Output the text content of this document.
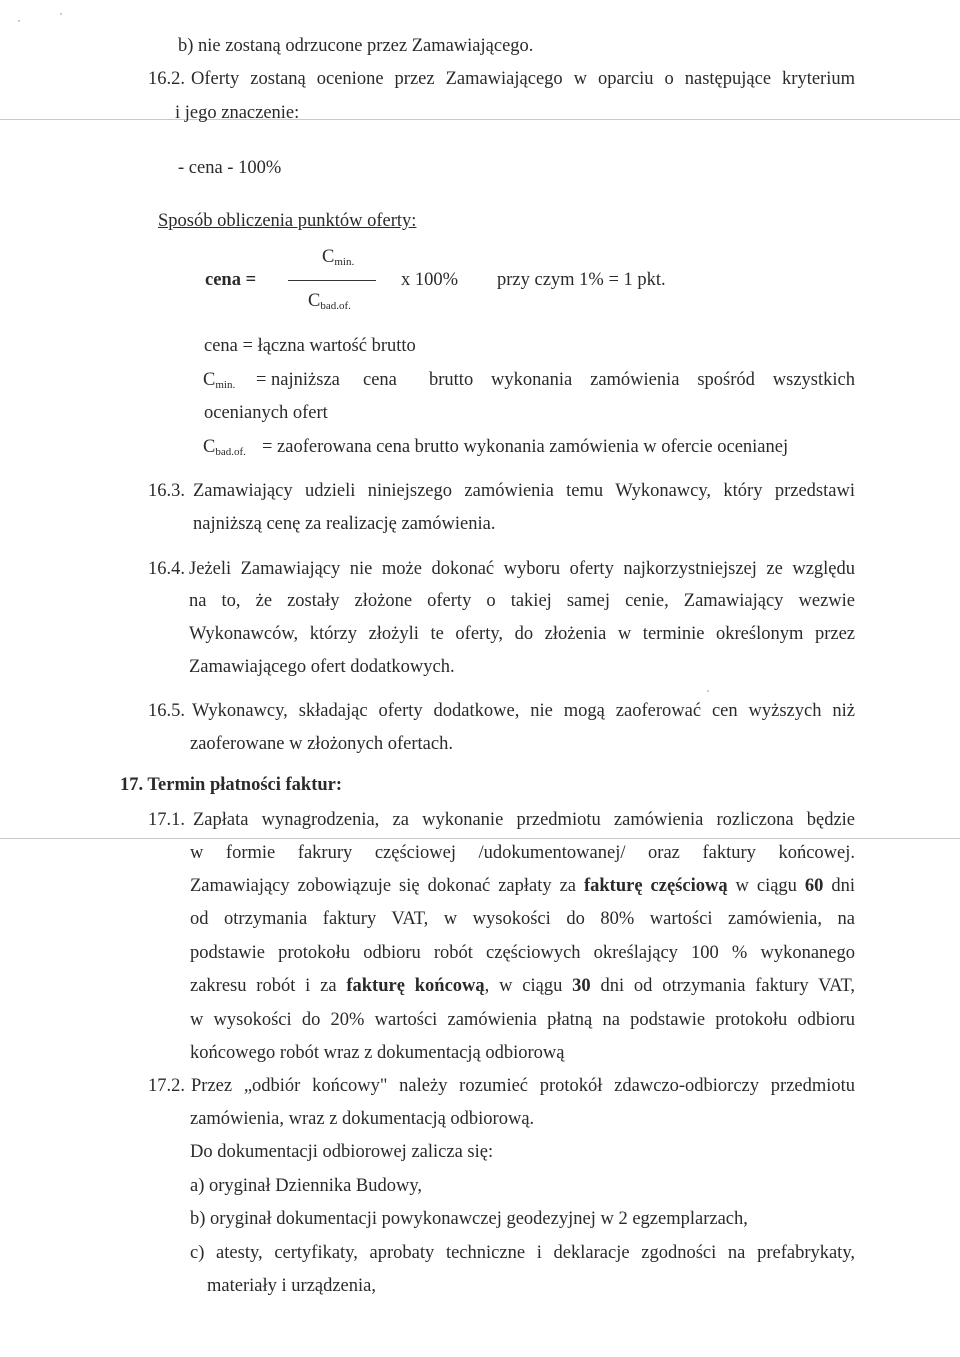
b) nie zostaną odrzucone przez Zamawiającego.
16.2. Oferty zostaną ocenione przez Zamawiającego w oparciu o następujące kryterium
i jego znaczenie:
- cena - 100%
Sposób obliczenia punktów oferty:
cena =
$C_{min.}$
$C_{bad.of.}$
x 100% przy czym 1% = 1 pkt.
cena = łączna wartość brutto
$C_{min.}$ = najniższa cena brutto wykonania zamówienia spośród wszystkich
ocenianych ofert
$C_{bad.of.}$ = zaoferowana cena brutto wykonania zamówienia w ofercie ocenianej
16.3. Zamawiający udzieli niniejszego zamówienia temu Wykonawcy, który przedstawi
najniższą cenę za realizację zamówienia.
16.4. Jeżeli Zamawiający nie może dokonać wyboru oferty najkorzystniejszej ze względu
na to, że zostały złożone oferty o takiej samej cenie, Zamawiający wezwie
Wykonawców, którzy złożyli te oferty, do złożenia w terminie określonym przez
Zamawiającego ofert dodatkowych.
16.5. Wykonawcy, składając oferty dodatkowe, nie mogą zaoferować cen wyższych niż
zaoferowane w złożonych ofertach.
17. Termin płatności faktur:
17.1. Zapłata wynagrodzenia, za wykonanie przedmiotu zamówienia rozliczona będzie
w formie fakrury częściowej /udokumentowanej/ oraz faktury końcowej.
Zamawiający zobowiązuje się dokonać zapłaty za fakturę częściową w ciągu 60 dni
od otrzymania faktury VAT, w wysokości do 80% wartości zamówienia, na
podstawie protokołu odbioru robót częściowych określający 100 % wykonanego
zakresu robót i za fakturę końcową, w ciągu 30 dni od otrzymania faktury VAT,
w wysokości do 20% wartości zamówienia płatną na podstawie protokołu odbioru
końcowego robót wraz z dokumentacją odbiorową
17.2. Przez „odbiór końcowy" należy rozumieć protokół zdawczo-odbiorczy przedmiotu
zamówienia, wraz z dokumentacją odbiorową.
Do dokumentacji odbiorowej zalicza się:
a) oryginał Dziennika Budowy,
b) oryginał dokumentacji powykonawczej geodezyjnej w 2 egzemplarzach,
c) atesty, certyfikaty, aprobaty techniczne i deklaracje zgodności na prefabrykaty,
materiały i urządzenia,
